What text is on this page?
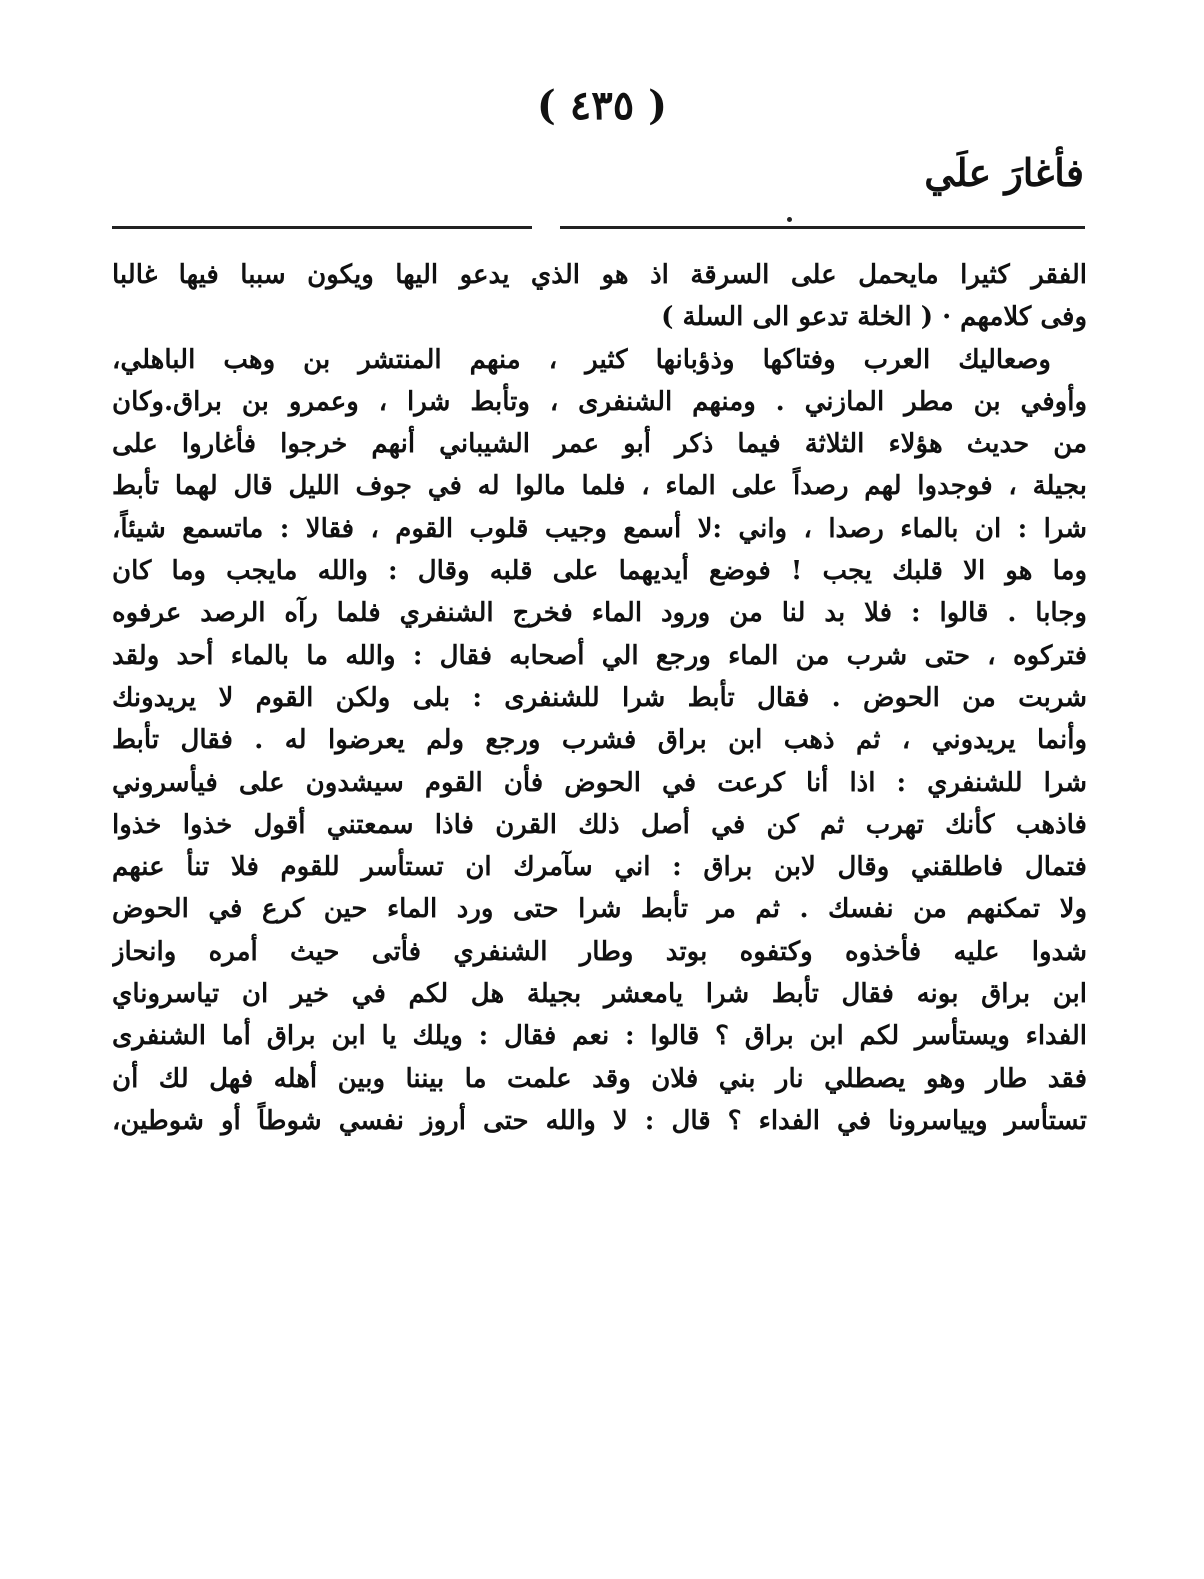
( ٤٣٥ )
فأغارَ علَي
الفقر كثيرا مايحمل على السرقة اذ هو الذي يدعو اليها ويكون سببا فيها غالبا
وفى كلامهم · ( الخلة تدعو الى السلة )
وصعاليك العرب وفتاكها وذؤبانها كثير ، منهم المنتشر بن وهب الباهلي،
وأوفي بن مطر المازني . ومنهم الشنفرى ، وتأبط شرا ، وعمرو بن براق.وكان
من حديث هؤلاء الثلاثة فيما ذكر أبو عمر الشيباني أنهم خرجوا فأغاروا على
بجيلة ، فوجدوا لهم رصداً على الماء ، فلما مالوا له في جوف الليل قال لهما تأبط
شرا : ان بالماء رصدا ، واني :لا أسمع وجيب قلوب القوم ، فقالا : ماتسمع شيئاً،
وما هو الا قلبك يجب ! فوضع أيديهما على قلبه وقال : والله مايجب وما كان
وجابا . قالوا : فلا بد لنا من ورود الماء فخرج الشنفري فلما رآه الرصد عرفوه
فتركوه ، حتى شرب من الماء ورجع الي أصحابه فقال : والله ما بالماء أحد ولقد
شربت من الحوض . فقال تأبط شرا للشنفرى : بلى ولكن القوم لا يريدونك
وأنما يريدوني ، ثم ذهب ابن براق فشرب ورجع ولم يعرضوا له . فقال تأبط
شرا للشنفري : اذا أنا كرعت في الحوض فأن القوم سيشدون على فيأسروني
فاذهب كأنك تهرب ثم كن في أصل ذلك القرن فاذا سمعتني أقول خذوا خذوا
فتمال فاطلقني وقال لابن براق : اني سآمرك ان تستأسر للقوم فلا تنأ عنهم
ولا تمكنهم من نفسك . ثم مر تأبط شرا حتى ورد الماء حين كرع في الحوض
شدوا عليه فأخذوه وكتفوه بوتد وطار الشنفري فأتى حيث أمره وانحاز
ابن براق بونه فقال تأبط شرا يامعشر بجيلة هل لكم في خير ان تياسروناي
الفداء ويستأسر لكم ابن براق ؟ قالوا : نعم فقال : ويلك يا ابن براق أما الشنفرى
فقد طار وهو يصطلي نار بني فلان وقد علمت ما بيننا وبين أهله فهل لك أن
تستأسر ويياسرونا في الفداء ؟ قال : لا والله حتى أروز نفسي شوطاً أو شوطين،
